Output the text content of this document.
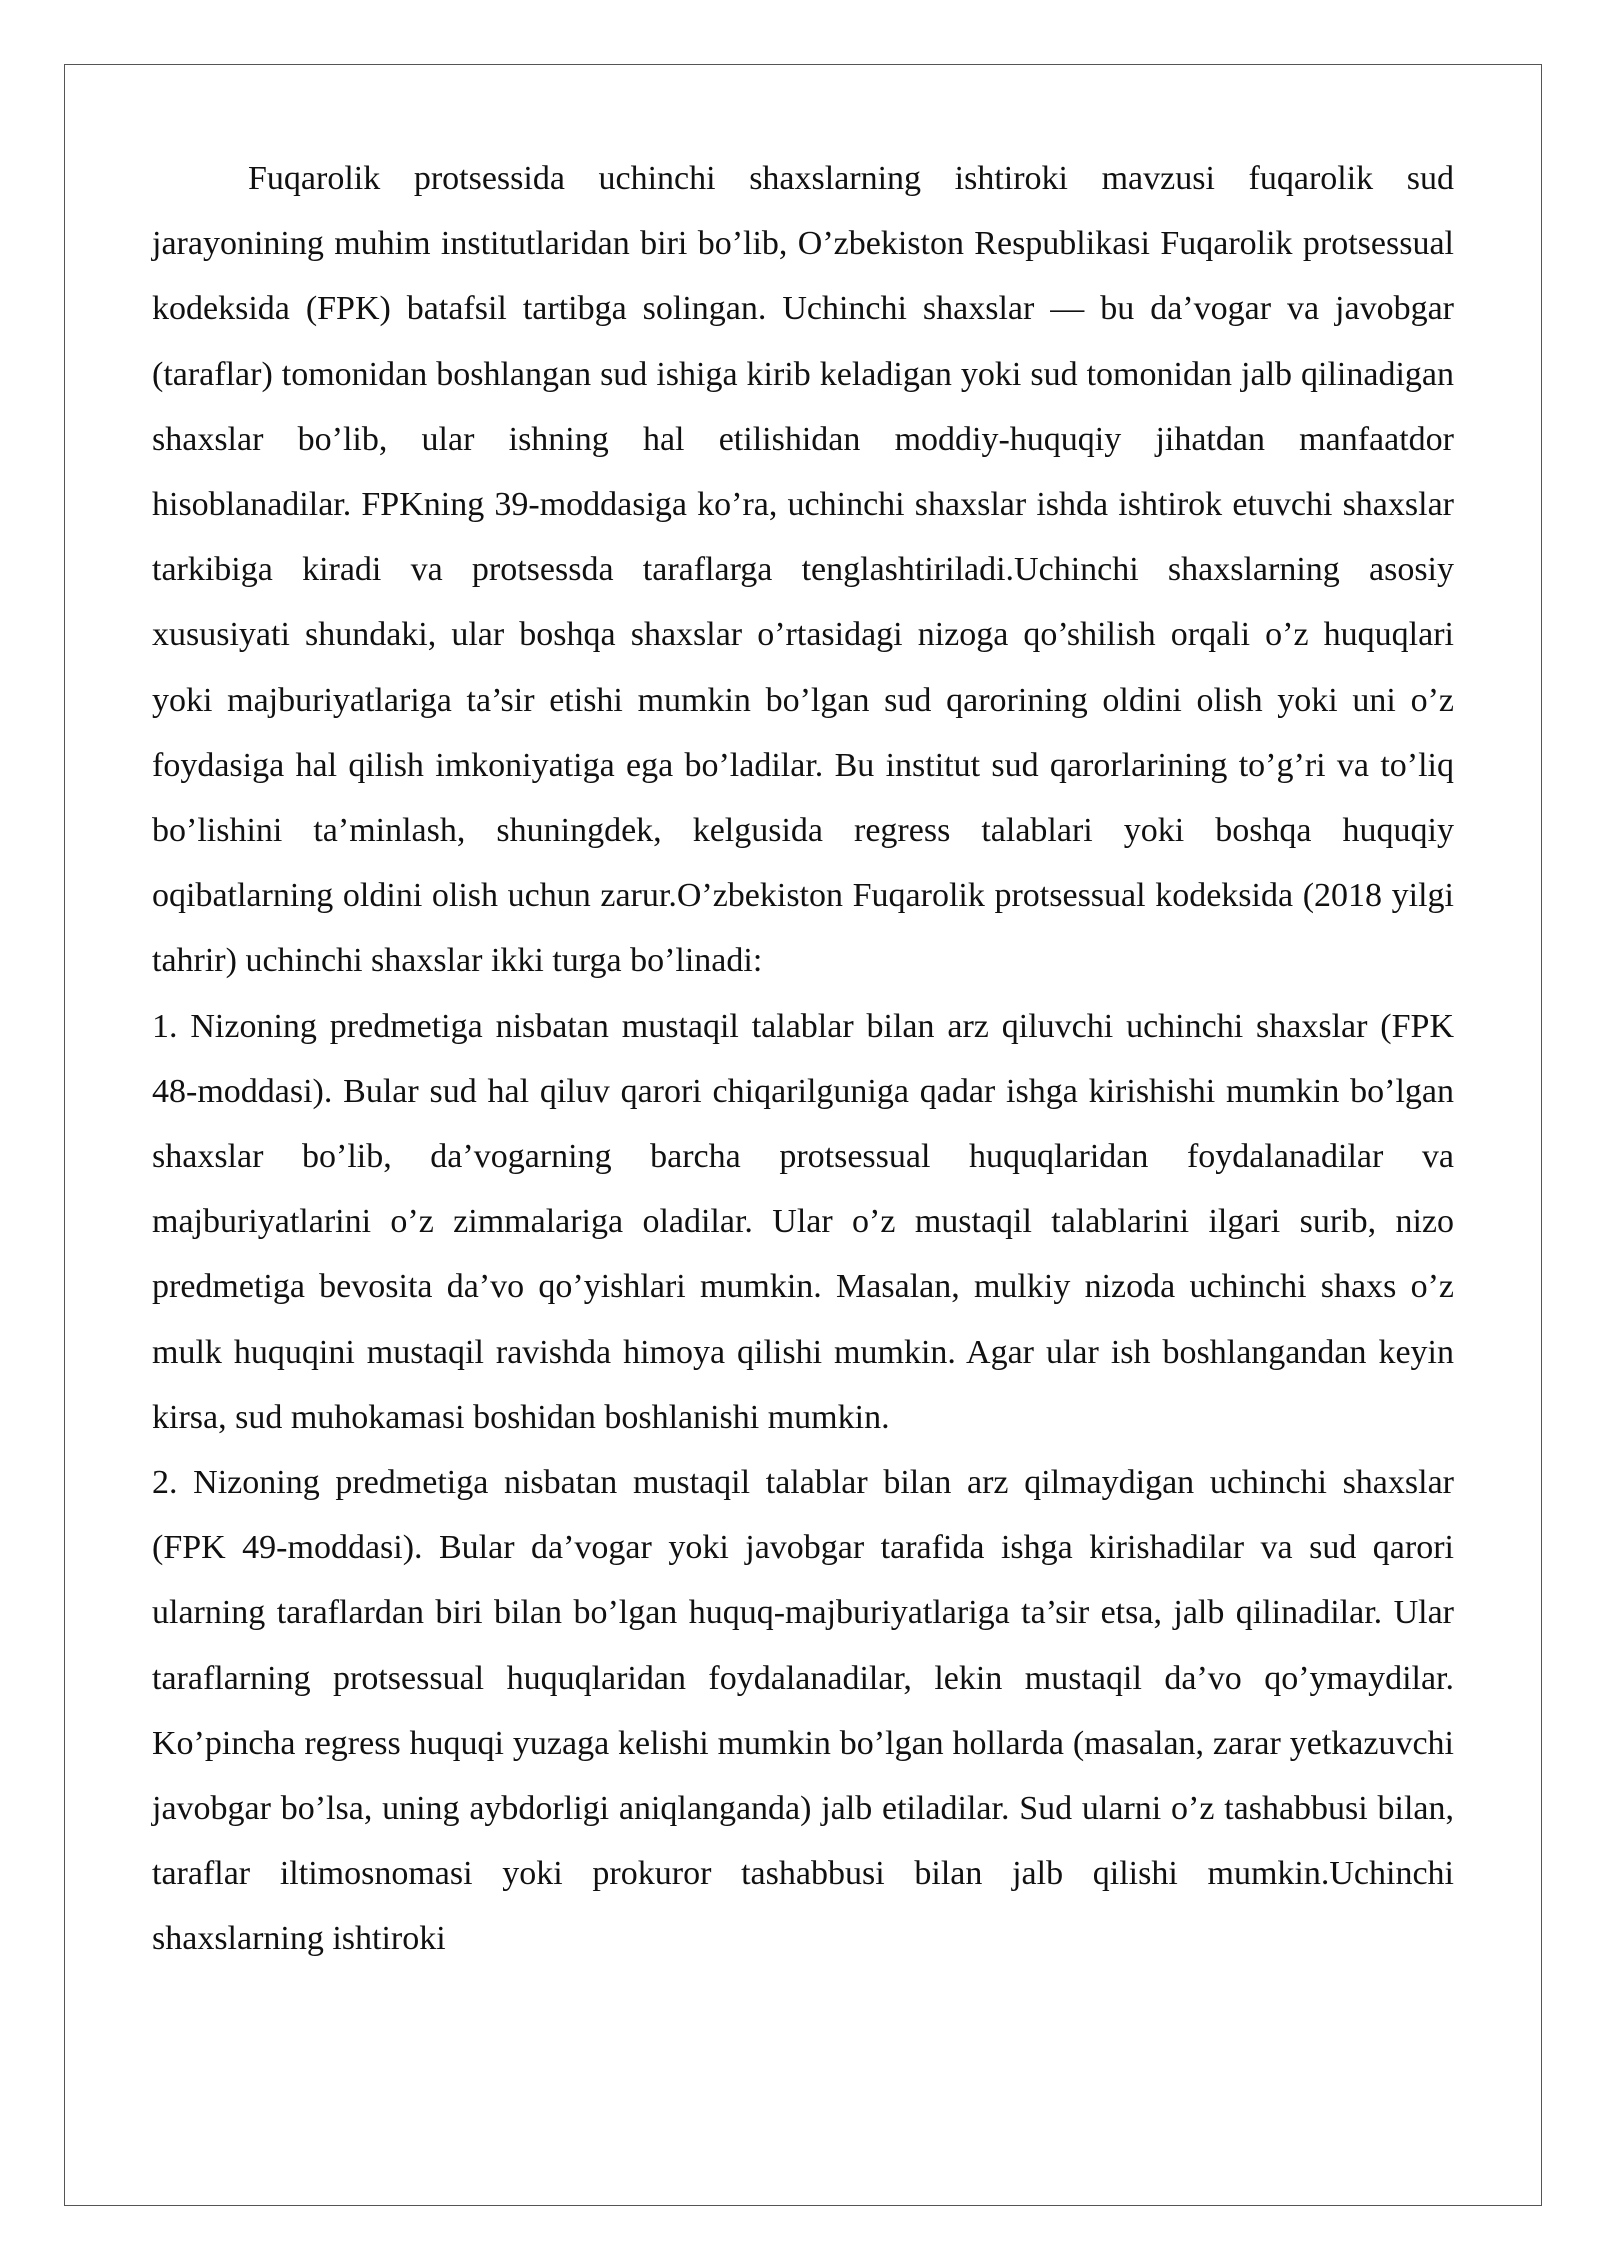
Fuqarolik protsessida uchinchi shaxslarning ishtiroki mavzusi fuqarolik sud jarayonining muhim institutlaridan biri bo’lib, O’zbekiston Respublikasi Fuqarolik protsessual kodeksida (FPK) batafsil tartibga solingan. Uchinchi shaxslar — bu da’vogar va javobgar (taraflar) tomonidan boshlangan sud ishiga kirib keladigan yoki sud tomonidan jalb qilinadigan shaxslar bo’lib, ular ishning hal etilishidan moddiy-huquqiy jihatdan manfaatdor hisoblanadilar. FPKning 39-moddasiga ko’ra, uchinchi shaxslar ishda ishtirok etuvchi shaxslar tarkibiga kiradi va protsessda taraflarga tenglashtiriladi.Uchinchi shaxslarning asosiy xususiyati shundaki, ular boshqa shaxslar o’rtasidagi nizoga qo’shilish orqali o’z huquqlari yoki majburiyatlariga ta’sir etishi mumkin bo’lgan sud qarorining oldini olish yoki uni o’z foydasiga hal qilish imkoniyatiga ega bo’ladilar. Bu institut sud qarorlarining to’g’ri va to’liq bo’lishini ta’minlash, shuningdek, kelgusida regress talablari yoki boshqa huquqiy oqibatlarning oldini olish uchun zarur.O’zbekiston Fuqarolik protsessual kodeksida (2018 yilgi tahrir) uchinchi shaxslar ikki turga bo’linadi:

1. Nizoning predmetiga nisbatan mustaqil talablar bilan arz qiluvchi uchinchi shaxslar (FPK 48-moddasi). Bular sud hal qiluv qarori chiqarilguniga qadar ishga kirishishi mumkin bo’lgan shaxslar bo’lib, da’vogarning barcha protsessual huquqlaridan foydalanadilar va majburiyatlarini o’z zimmalariga oladilar. Ular o’z mustaqil talablarini ilgari surib, nizo predmetiga bevosita da’vo qo’yishlari mumkin. Masalan, mulkiy nizoda uchinchi shaxs o’z mulk huquqini mustaqil ravishda himoya qilishi mumkin. Agar ular ish boshlangandan keyin kirsa, sud muhokamasi boshidan boshlanishi mumkin.

2. Nizoning predmetiga nisbatan mustaqil talablar bilan arz qilmaydigan uchinchi shaxslar (FPK 49-moddasi). Bular da’vogar yoki javobgar tarafida ishga kirishadilar va sud qarori ularning taraflardan biri bilan bo’lgan huquq-majburiyatlariga ta’sir etsa, jalb qilinadilar. Ular taraflarning protsessual huquqlaridan foydalanadilar, lekin mustaqil da’vo qo’ymaydilar. Ko’pincha regress huquqi yuzaga kelishi mumkin bo’lgan hollarda (masalan, zarar yetkazuvchi javobgar bo’lsa, uning aybdorligi aniqlanganda) jalb etiladilar. Sud ularni o’z tashabbusi bilan, taraflar iltimosnomasi yoki prokuror tashabbusi bilan jalb qilishi mumkin.Uchinchi shaxslarning ishtiroki
